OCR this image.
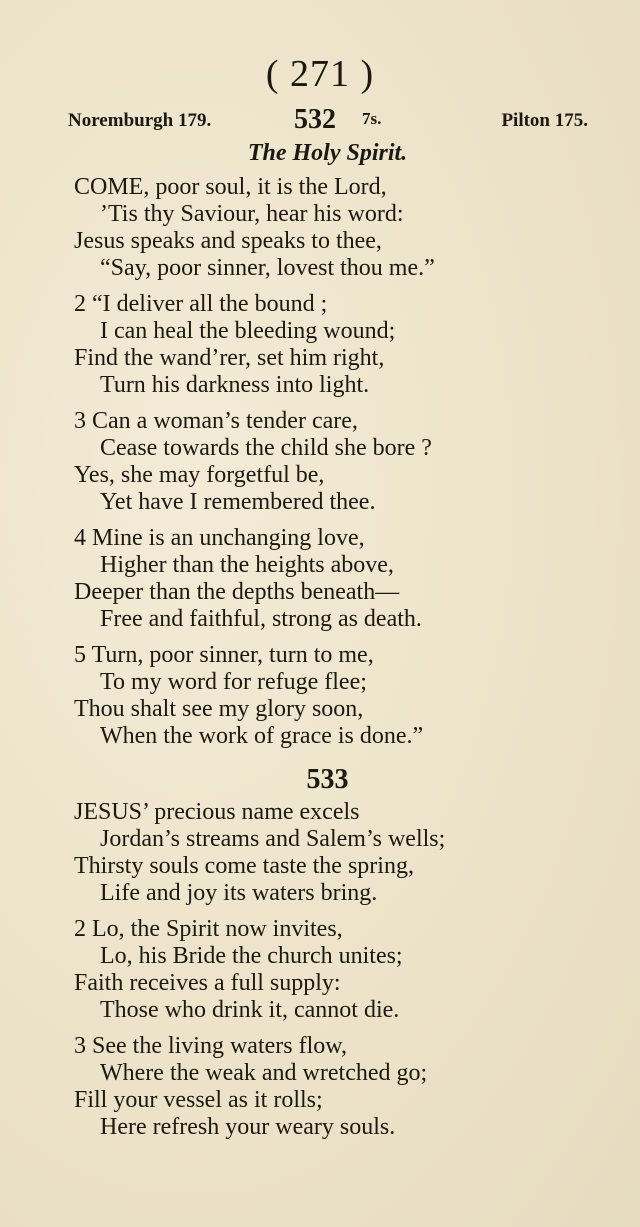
( 271 )
Noremburgh 179.	532 7s.	Pilton 175.
The Holy Spirit.
COME, poor soul, it is the Lord,
’Tis thy Saviour, hear his word:
Jesus speaks and speaks to thee,
“Say, poor sinner, lovest thou me.”
2 “I deliver all the bound ;
I can heal the bleeding wound;
Find the wand’rer, set him right,
Turn his darkness into light.
3 Can a woman’s tender care,
Cease towards the child she bore ?
Yes, she may forgetful be,
Yet have I remembered thee.
4 Mine is an unchanging love,
Higher than the heights above,
Deeper than the depths beneath—
Free and faithful, strong as death.
5 Turn, poor sinner, turn to me,
To my word for refuge flee;
Thou shalt see my glory soon,
When the work of grace is done.”
533
JESUS’ precious name excels
Jordan’s streams and Salem’s wells;
Thirsty souls come taste the spring,
Life and joy its waters bring.
2 Lo, the Spirit now invites,
Lo, his Bride the church unites;
Faith receives a full supply:
Those who drink it, cannot die.
3 See the living waters flow,
Where the weak and wretched go;
Fill your vessel as it rolls;
Here refresh your weary souls.
